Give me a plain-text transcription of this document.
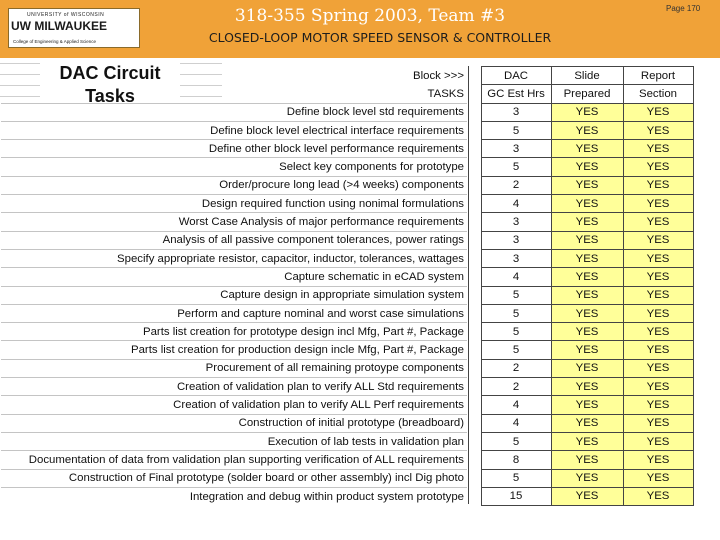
UNIVERSITY of WISCONSIN
UW MILWAUKEE
College of Engineering & Applied Science
318-355 Spring 2003, Team #3
CLOSED-LOOP MOTOR SPEED SENSOR & CONTROLLER
Page 170
DAC Circuit Tasks
Block >>>		DAC	Slide	Report
TASKS		GC Est Hrs	Prepared	Section
Define block level std requirements		3	YES	YES
Define block level electrical interface requirements		5	YES	YES
Define other block level performance requirements		3	YES	YES
Select key components for prototype		5	YES	YES
Order/procure long lead (>4 weeks) components		2	YES	YES
Design required function using nonimal formulations		4	YES	YES
Worst Case Analysis of major performance requirements		3	YES	YES
Analysis of all passive component tolerances, power ratings		3	YES	YES
Specify appropriate resistor, capacitor, inductor, tolerances, wattages		3	YES	YES
Capture schematic in eCAD system		4	YES	YES
Capture design in appropriate simulation system		5	YES	YES
Perform and capture nominal and worst case simulations		5	YES	YES
Parts list creation for prototype design incl Mfg, Part #, Package		5	YES	YES
Parts list creation for production design incle Mfg, Part #, Package		5	YES	YES
Procurement of all remaining protoype components		2	YES	YES
Creation of validation plan to verify ALL Std requirements		2	YES	YES
Creation of validation plan to verify ALL Perf requirements		4	YES	YES
Construction of initial prototype (breadboard)		4	YES	YES
Execution of lab tests in validation plan		5	YES	YES
Documentation of data from validation plan supporting verification of ALL requirements		8	YES	YES
Construction of Final prototype (solder board or other assembly) incl Dig photo		5	YES	YES
Integration and debug within product system prototype		15	YES	YES
